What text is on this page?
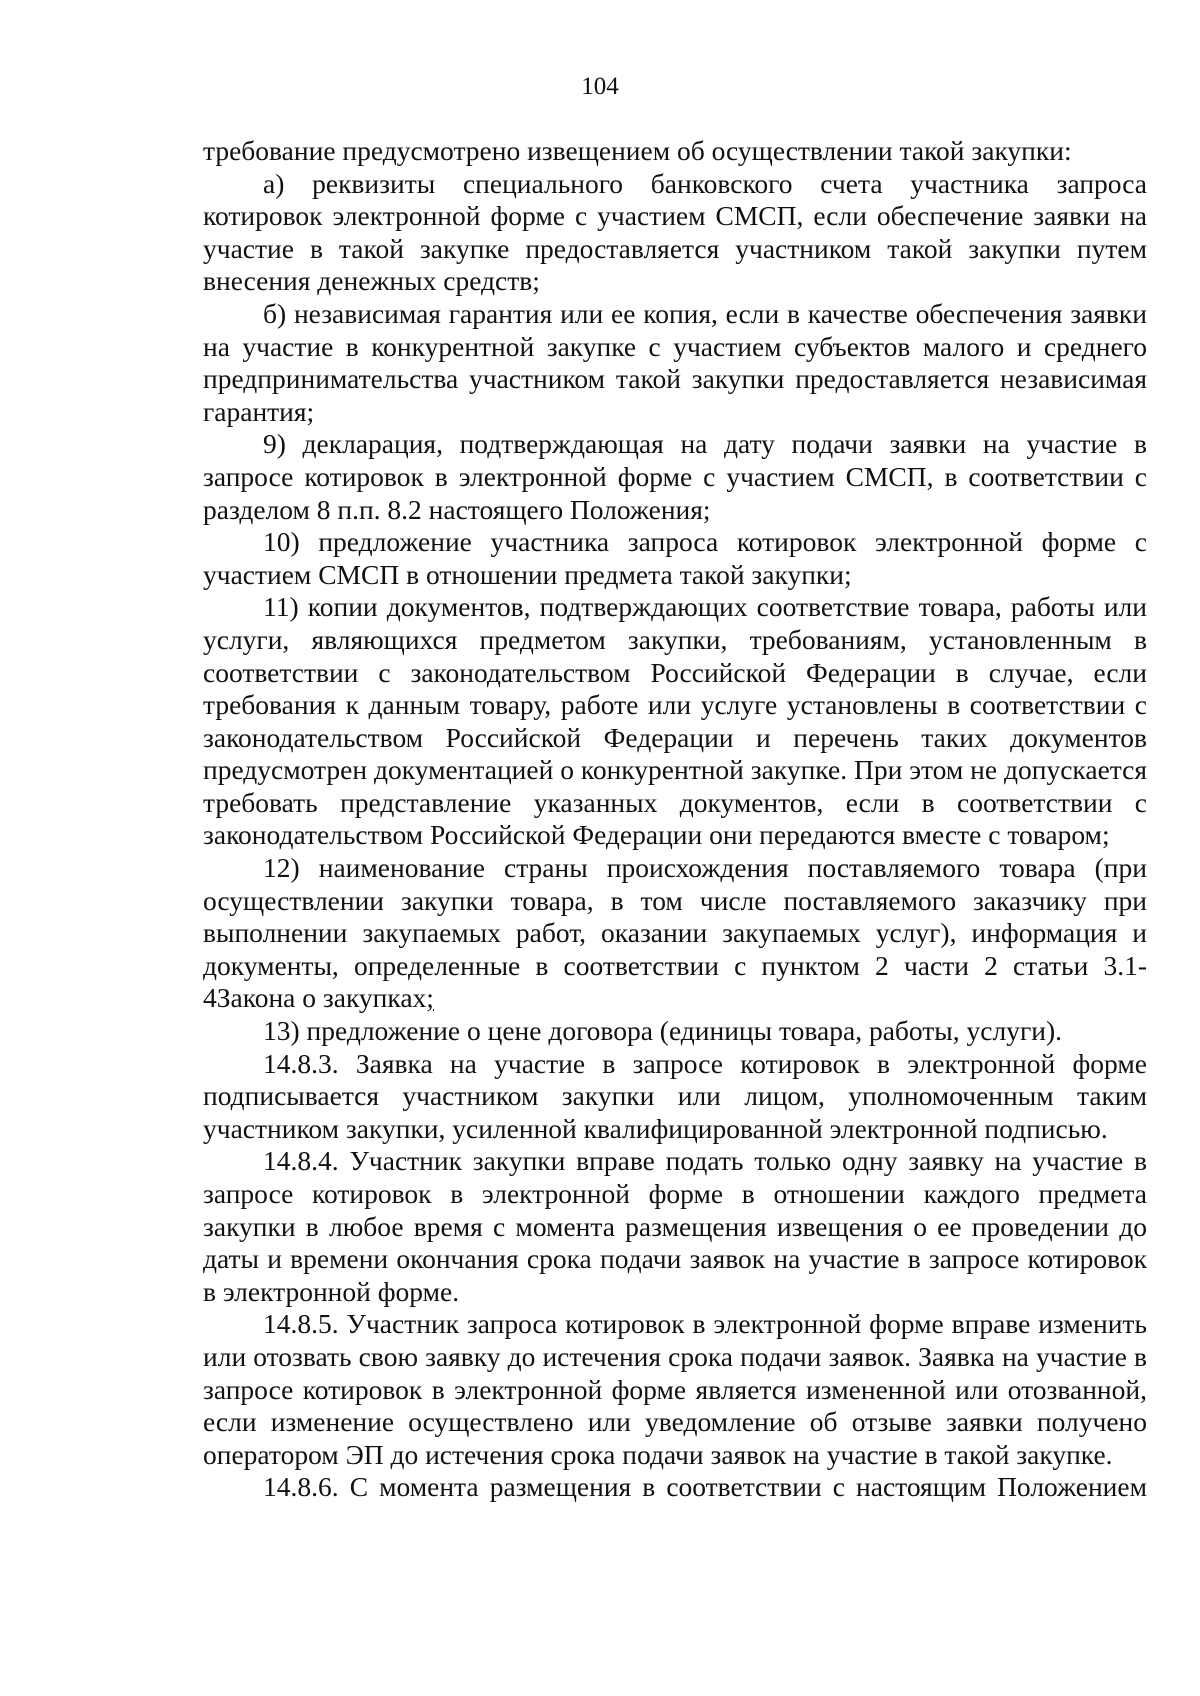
104

требование предусмотрено извещением об осуществлении такой закупки:

а) реквизиты специального банковского счета участника запроса котировок электронной форме с участием СМСП, если обеспечение заявки на участие в такой закупке предоставляется участником такой закупки путем внесения денежных средств;

б) независимая гарантия или ее копия, если в качестве обеспечения заявки на участие в конкурентной закупке с участием субъектов малого и среднего предпринимательства участником такой закупки предоставляется независимая гарантия;

9) декларация, подтверждающая на дату подачи заявки на участие в запросе котировок в электронной форме с участием СМСП, в соответствии с разделом 8 п.п. 8.2 настоящего Положения;

10) предложение участника запроса котировок электронной форме с участием СМСП в отношении предмета такой закупки;

11) копии документов, подтверждающих соответствие товара, работы или услуги, являющихся предметом закупки, требованиям, установленным в соответствии с законодательством Российской Федерации в случае, если требования к данным товару, работе или услуге установлены в соответствии с законодательством Российской Федерации и перечень таких документов предусмотрен документацией о конкурентной закупке. При этом не допускается требовать представление указанных документов, если в соответствии с законодательством Российской Федерации они передаются вместе с товаром;

12) наименование страны происхождения поставляемого товара (при осуществлении закупки товара, в том числе поставляемого заказчику при выполнении закупаемых работ, оказании закупаемых услуг), информация и документы, определенные в соответствии с пунктом 2 части 2 статьи 3.1-4Закона о закупках;

13) предложение о цене договора (единицы товара, работы, услуги).

14.8.3. Заявка на участие в запросе котировок в электронной форме подписывается участником закупки или лицом, уполномоченным таким участником закупки, усиленной квалифицированной электронной подписью.

14.8.4. Участник закупки вправе подать только одну заявку на участие в запросе котировок в электронной форме в отношении каждого предмета закупки в любое время с момента размещения извещения о ее проведении до даты и времени окончания срока подачи заявок на участие в запросе котировок в электронной форме.

14.8.5. Участник запроса котировок в электронной форме вправе изменить или отозвать свою заявку до истечения срока подачи заявок. Заявка на участие в запросе котировок в электронной форме является измененной или отозванной, если изменение осуществлено или уведомление об отзыве заявки получено оператором ЭП до истечения срока подачи заявок на участие в такой закупке.

14.8.6. С момента размещения в соответствии с настоящим Положением
